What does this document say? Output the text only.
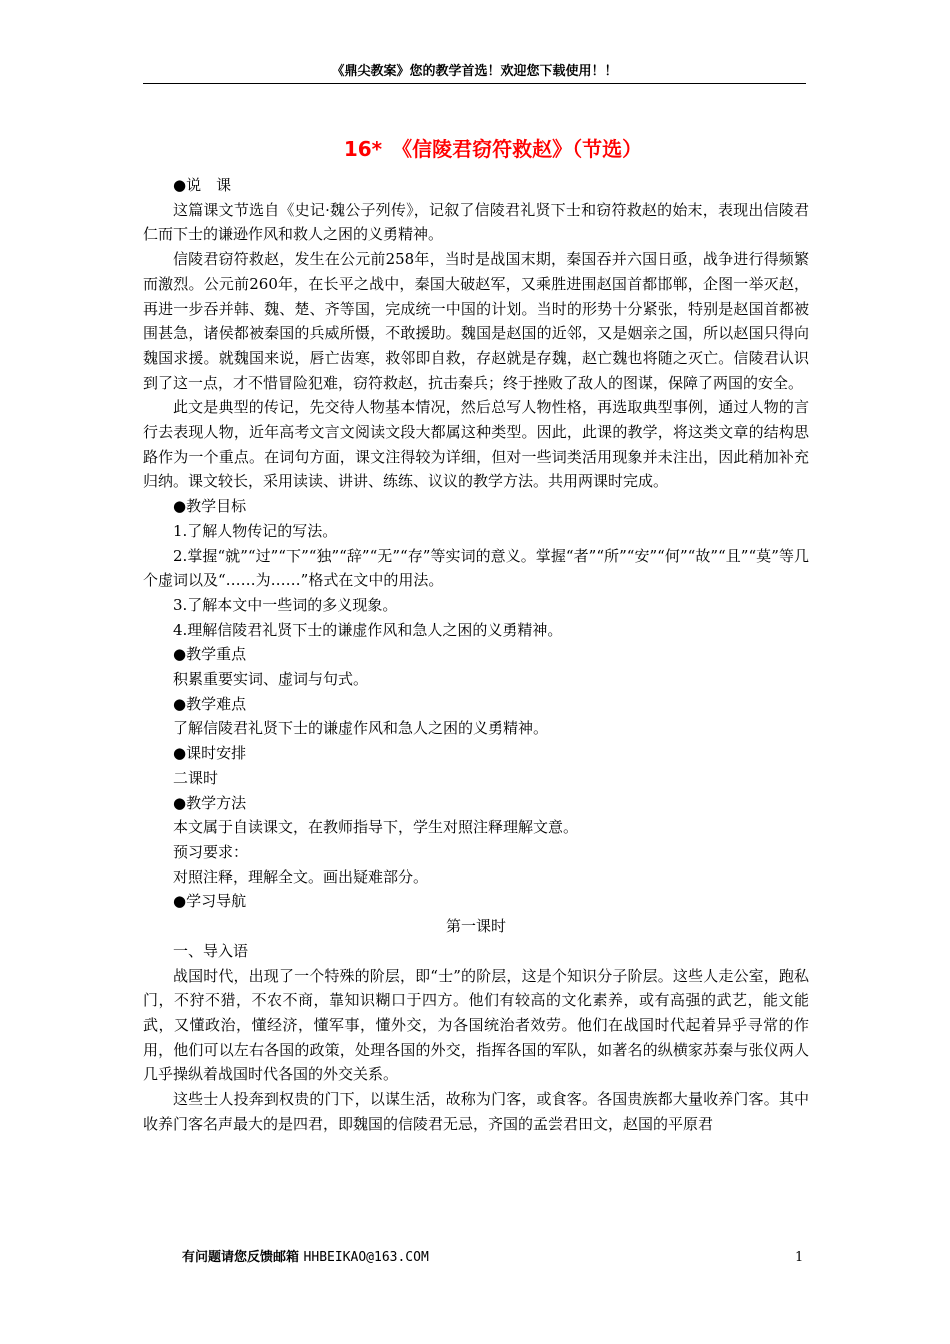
《鼎尖教案》您的教学首选！欢迎您下载使用！！
16*　《信陵君窃符救赵》（节选）

●说　课

这篇课文节选自《史记·魏公子列传》，记叙了信陵君礼贤下士和窃符救赵的始末，表现出信陵君仁而下士的谦逊作风和救人之困的义勇精神。

信陵君窃符救赵，发生在公元前258年，当时是战国末期，秦国吞并六国日亟，战争进行得频繁而激烈。公元前260年，在长平之战中，秦国大破赵军，又乘胜进围赵国首都邯郸，企图一举灭赵，再进一步吞并韩、魏、楚、齐等国，完成统一中国的计划。当时的形势十分紧张，特别是赵国首都被围甚急，诸侯都被秦国的兵威所慑，不敢援助。魏国是赵国的近邻，又是姻亲之国，所以赵国只得向魏国求援。就魏国来说，唇亡齿寒，救邻即自救，存赵就是存魏，赵亡魏也将随之灭亡。信陵君认识到了这一点，才不惜冒险犯难，窃符救赵，抗击秦兵；终于挫败了敌人的图谋，保障了两国的安全。

此文是典型的传记，先交待人物基本情况，然后总写人物性格，再选取典型事例，通过人物的言行去表现人物，近年高考文言文阅读文段大都属这种类型。因此，此课的教学，将这类文章的结构思路作为一个重点。在词句方面，课文注得较为详细，但对一些词类活用现象并未注出，因此稍加补充归纳。课文较长，采用读读、讲讲、练练、议议的教学方法。共用两课时完成。

●教学目标

1.了解人物传记的写法。

2.掌握“就”“过”“下”“独”“辞”“无”“存”等实词的意义。掌握“者”“所”“安”“何”“故”“且”“莫”等几个虚词以及“……为……”格式在文中的用法。

3.了解本文中一些词的多义现象。

4.理解信陵君礼贤下士的谦虚作风和急人之困的义勇精神。

●教学重点

积累重要实词、虚词与句式。

●教学难点

了解信陵君礼贤下士的谦虚作风和急人之困的义勇精神。

●课时安排

二课时

●教学方法

本文属于自读课文，在教师指导下，学生对照注释理解文意。

预习要求：

对照注释，理解全文。画出疑难部分。

●学习导航

第一课时

一、导入语

战国时代，出现了一个特殊的阶层，即“士”的阶层，这是个知识分子阶层。这些人走公室，跑私门，不狩不猎，不农不商，靠知识糊口于四方。他们有较高的文化素养，或有高强的武艺，能文能武，又懂政治，懂经济，懂军事，懂外交，为各国统治者效劳。他们在战国时代起着异乎寻常的作用，他们可以左右各国的政策，处理各国的外交，指挥各国的军队，如著名的纵横家苏秦与张仪两人几乎操纵着战国时代各国的外交关系。

这些士人投奔到权贵的门下，以谋生活，故称为门客，或食客。各国贵族都大量收养门客。其中收养门客名声最大的是四君，即魏国的信陵君无忌，齐国的孟尝君田文，赵国的平原君

有问题请您反馈邮箱 HHBEIKAO@163.COM	1
